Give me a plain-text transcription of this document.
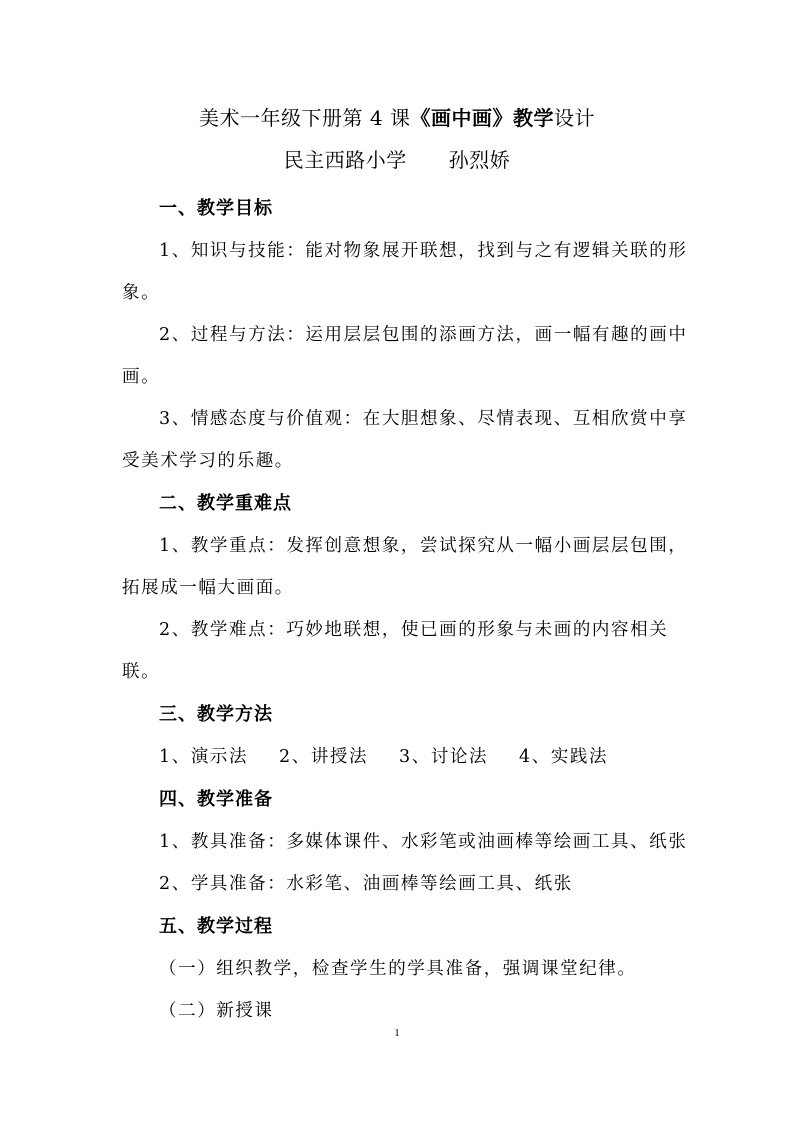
美术一年级下册第 4 课《画中画》教学设计
民主西路小学 孙烈娇
一、教学目标
1、知识与技能：能对物象展开联想，找到与之有逻辑关联的形
象。
2、过程与方法：运用层层包围的添画方法，画一幅有趣的画中
画。
3、情感态度与价值观：在大胆想象、尽情表现、互相欣赏中享
受美术学习的乐趣。
二、教学重难点
1、教学重点：发挥创意想象，尝试探究从一幅小画层层包围，
拓展成一幅大画面。
2、教学难点：巧妙地联想，使已画的形象与未画的内容相关
联。
三、教学方法
1、演示法 2、讲授法 3、讨论法 4、实践法
四、教学准备
1、教具准备：多媒体课件、水彩笔或油画棒等绘画工具、纸张
2、学具准备：水彩笔、油画棒等绘画工具、纸张
五、教学过程
（一）组织教学，检查学生的学具准备，强调课堂纪律。
（二）新授课
1
